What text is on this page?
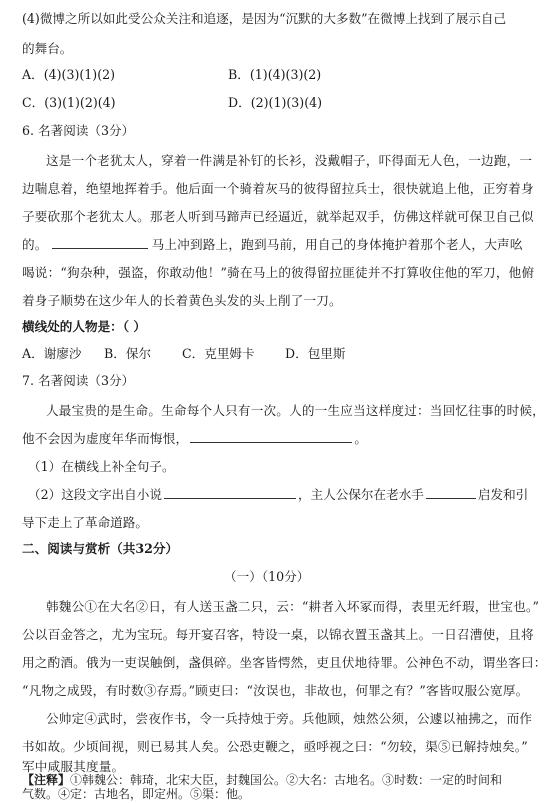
(4)微博之所以如此受公众关注和追逐，是因为“沉默的大多数”在微博上找到了展示自己
的舞台。
A．(4)(3)(1)(2)	B．(1)(4)(3)(2)
C．(3)(1)(2)(4)	D．(2)(1)(3)(4)
6. 名著阅读（3分）
这是一个老犹太人，穿着一件满是补钉的长衫，没戴帽子，吓得面无人色，一边跑，一
边喘息着，绝望地挥着手。他后面一个骑着灰马的彼得留拉兵士，很快就追上他，正穷着身
子要砍那个老犹太人。那老人听到马蹄声已经逼近，就举起双手，仿佛这样就可保卫自己似
的。	马上冲到路上，跑到马前，用自己的身体掩护着那个老人，大声吆
喝说：“狗杂种，强盗，你敢动他！”骑在马上的彼得留拉匪徒并不打算收住他的军刀，他俯
着身子顺势在这少年人的长着黄色头发的头上削了一刀。
横线处的人物是：（ ）
A．谢廖沙 B．保尔 C．克里姆卡 D．包里斯
7. 名著阅读（3分）
人最宝贵的是生命。生命每个人只有一次。人的一生应当这样度过：当回忆往事的时候，
他不会因为虚度年华而悔恨，	。
（1）在横线上补全句子。
（2）这段文字出自小说	，主人公保尔在老水手	启发和引
导下走上了革命道路。
二、阅读与赏析（共32分）
（一）（10分）
韩魏公①在大名②日，有人送玉盏二只，云：“耕者入坏冢而得，表里无纤瑕，世宝也。”
公以百金答之，尤为宝玩。每开宴召客，特设一桌，以锦衣置玉盏其上。一日召漕使，且将
用之酌酒。俄为一吏误触倒，盏俱碎。坐客皆愕然，吏且伏地待罪。公神色不动，谓坐客曰：
“凡物之成毁，有时数③存焉。”顾吏曰：“汝误也，非故也，何罪之有？”客皆叹服公宽厚。
公帅定④武时，尝夜作书，令一兵持烛于旁。兵他顾，烛然公须，公遽以袖拂之，而作
书如故。少顷间视，则已易其人矣。公恐吏鞭之，亟呼视之曰：“勿较，渠⑤已解持烛矣。”
军中咸服其度量。
【注释】①韩魏公：韩琦，北宋大臣，封魏国公。②大名：古地名。③时数：一定的时间和
气数。④定：古地名，即定州。⑤渠：他。
